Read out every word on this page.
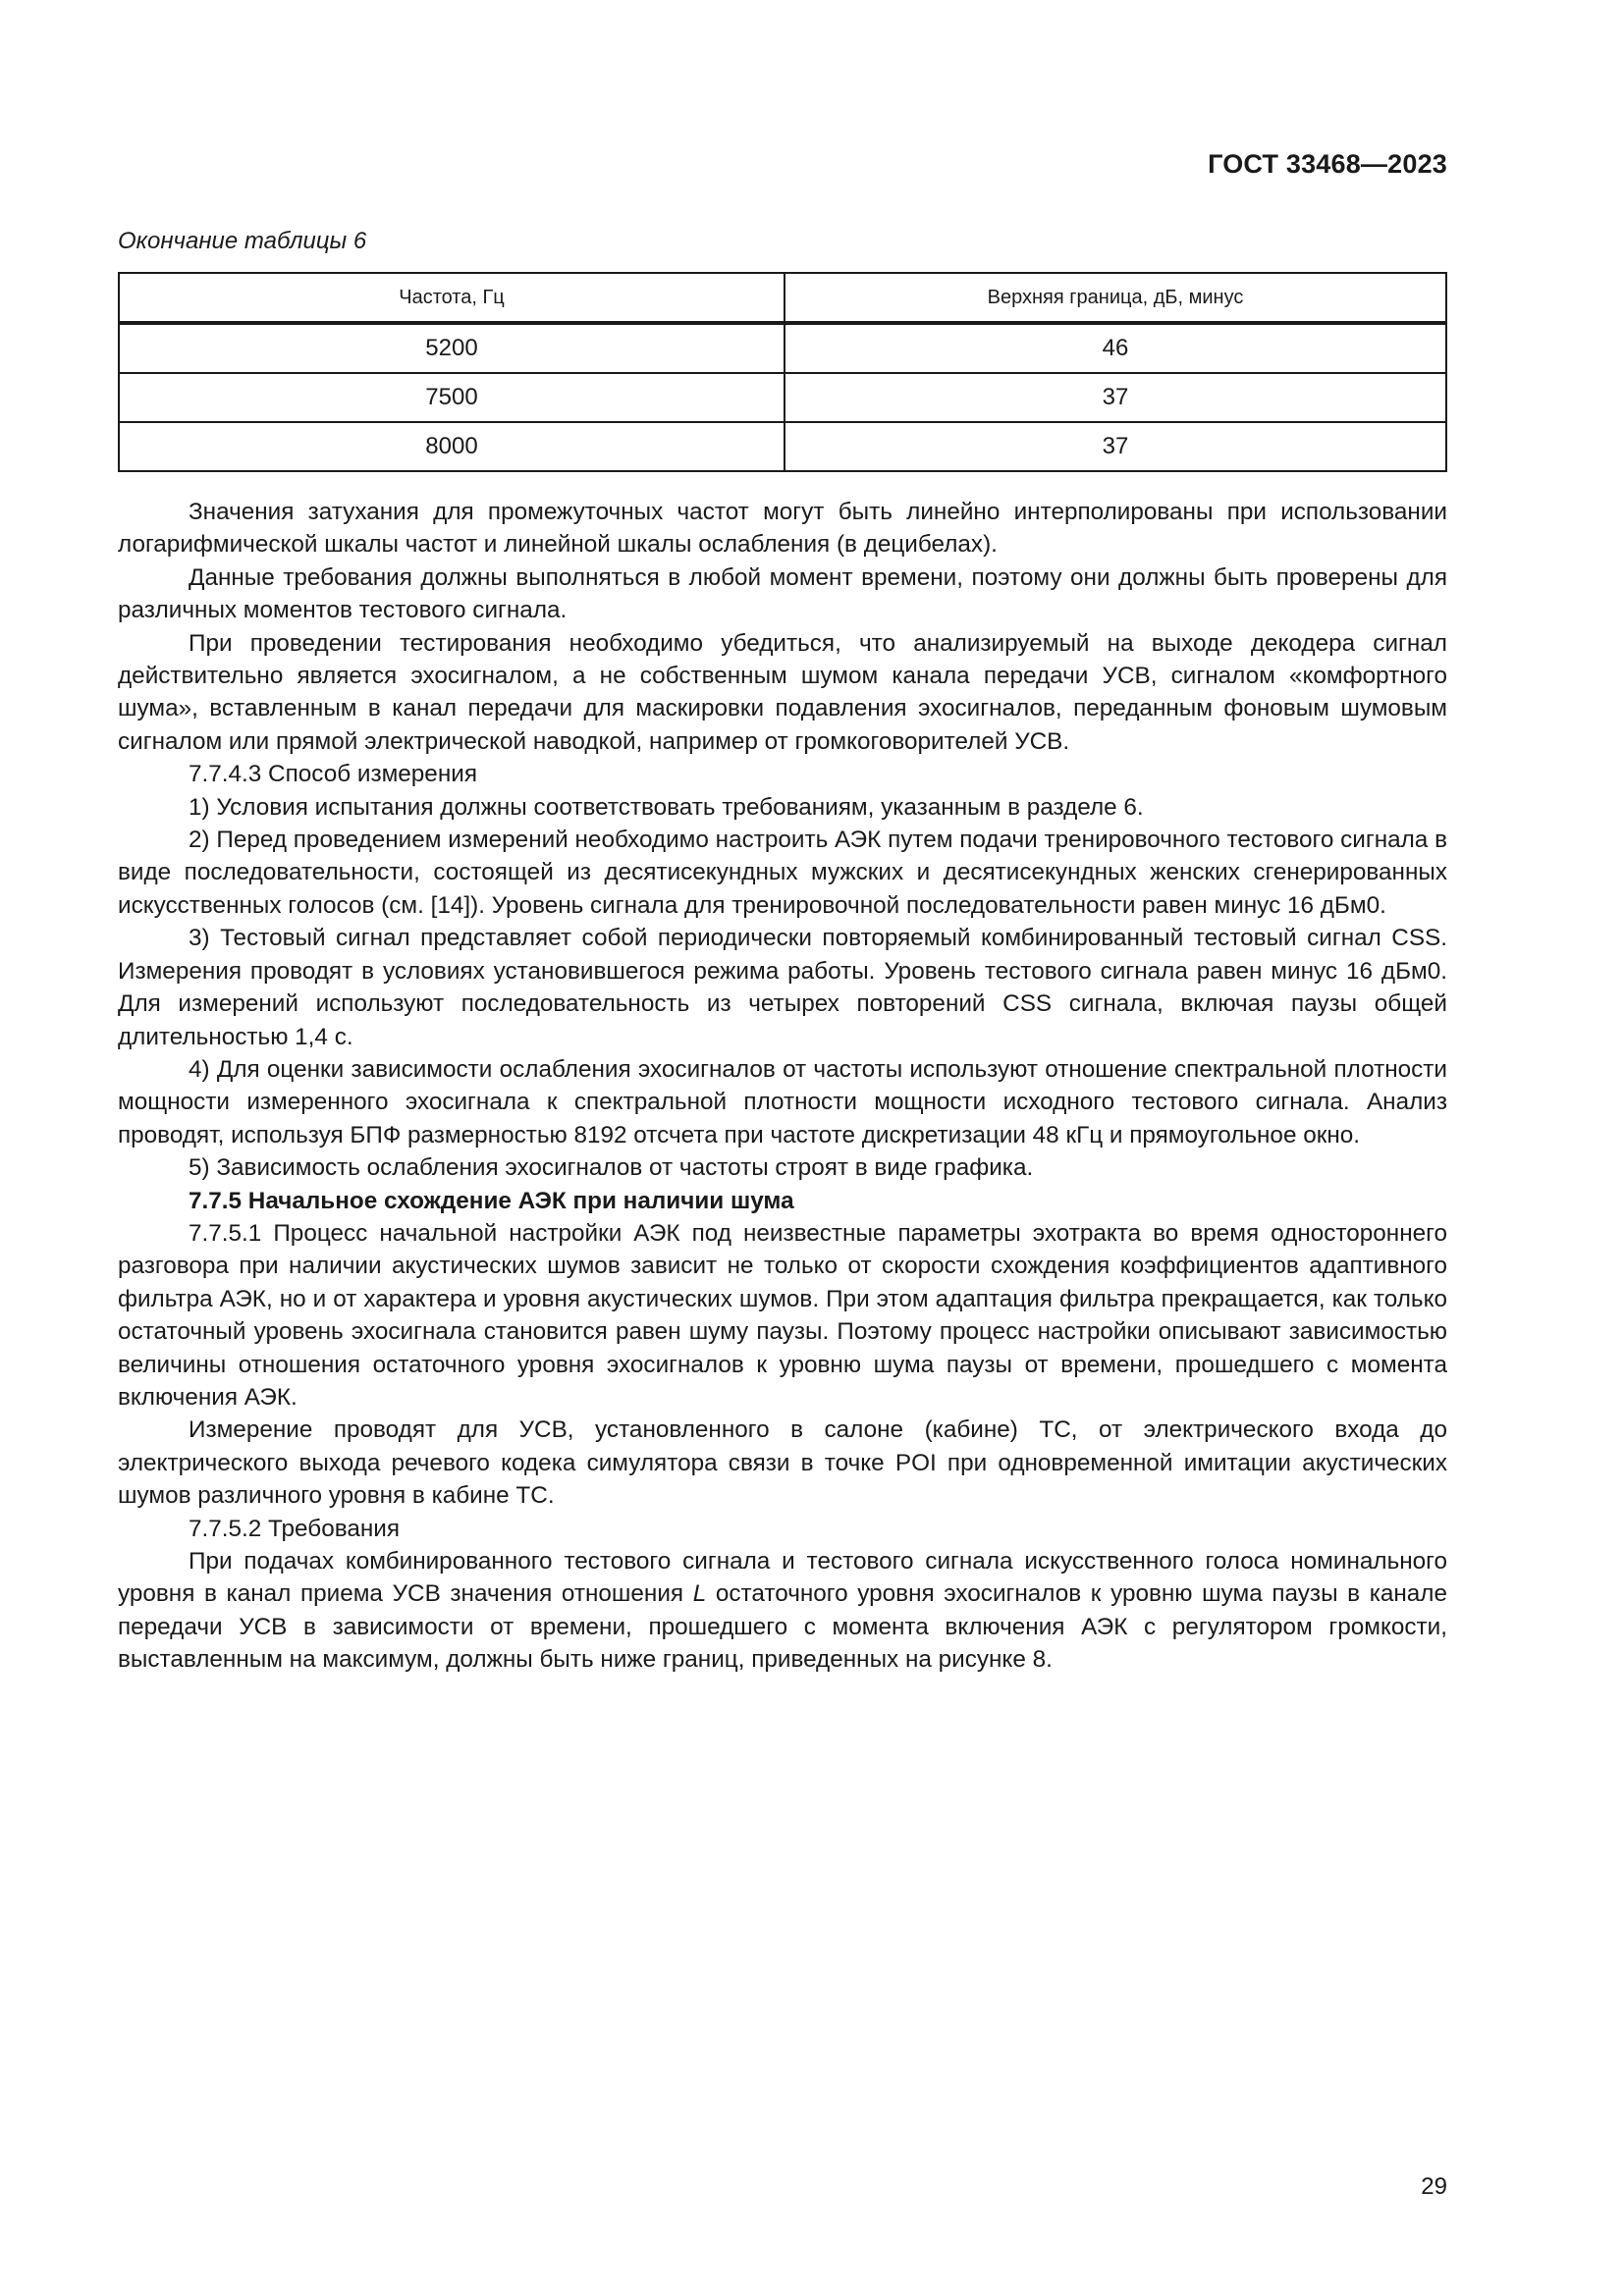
ГОСТ 33468—2023
Окончание таблицы 6
Частота, Гц	Верхняя граница, дБ, минус
5200	46
7500	37
8000	37

Значения затухания для промежуточных частот могут быть линейно интерполированы при использовании логарифмической шкалы частот и линейной шкалы ослабления (в децибелах).

Данные требования должны выполняться в любой момент времени, поэтому они должны быть проверены для различных моментов тестового сигнала.

При проведении тестирования необходимо убедиться, что анализируемый на выходе декодера сигнал действительно является эхосигналом, а не собственным шумом канала передачи УСВ, сигналом «комфортного шума», вставленным в канал передачи для маскировки подавления эхосигналов, переданным фоновым шумовым сигналом или прямой электрической наводкой, например от громкоговорителей УСВ.

7.7.4.3 Способ измерения

1) Условия испытания должны соответствовать требованиям, указанным в разделе 6.

2) Перед проведением измерений необходимо настроить АЭК путем подачи тренировочного тестового сигнала в виде последовательности, состоящей из десятисекундных мужских и десятисекундных женских сгенерированных искусственных голосов (см. [14]). Уровень сигнала для тренировочной последовательности равен минус 16 дБм0.

3) Тестовый сигнал представляет собой периодически повторяемый комбинированный тестовый сигнал CSS. Измерения проводят в условиях установившегося режима работы. Уровень тестового сигнала равен минус 16 дБм0. Для измерений используют последовательность из четырех повторений CSS сигнала, включая паузы общей длительностью 1,4 с.

4) Для оценки зависимости ослабления эхосигналов от частоты используют отношение спектральной плотности мощности измеренного эхосигнала к спектральной плотности мощности исходного тестового сигнала. Анализ проводят, используя БПФ размерностью 8192 отсчета при частоте дискретизации 48 кГц и прямоугольное окно.

5) Зависимость ослабления эхосигналов от частоты строят в виде графика.

7.7.5 Начальное схождение АЭК при наличии шума

7.7.5.1 Процесс начальной настройки АЭК под неизвестные параметры эхотракта во время одностороннего разговора при наличии акустических шумов зависит не только от скорости схождения коэффициентов адаптивного фильтра АЭК, но и от характера и уровня акустических шумов. При этом адаптация фильтра прекращается, как только остаточный уровень эхосигнала становится равен шуму паузы. Поэтому процесс настройки описывают зависимостью величины отношения остаточного уровня эхосигналов к уровню шума паузы от времени, прошедшего с момента включения АЭК.

Измерение проводят для УСВ, установленного в салоне (кабине) ТС, от электрического входа до электрического выхода речевого кодека симулятора связи в точке POI при одновременной имитации акустических шумов различного уровня в кабине ТС.

7.7.5.2 Требования

При подачах комбинированного тестового сигнала и тестового сигнала искусственного голоса номинального уровня в канал приема УСВ значения отношения L остаточного уровня эхосигналов к уровню шума паузы в канале передачи УСВ в зависимости от времени, прошедшего с момента включения АЭК с регулятором громкости, выставленным на максимум, должны быть ниже границ, приведенных на рисунке 8.

29
